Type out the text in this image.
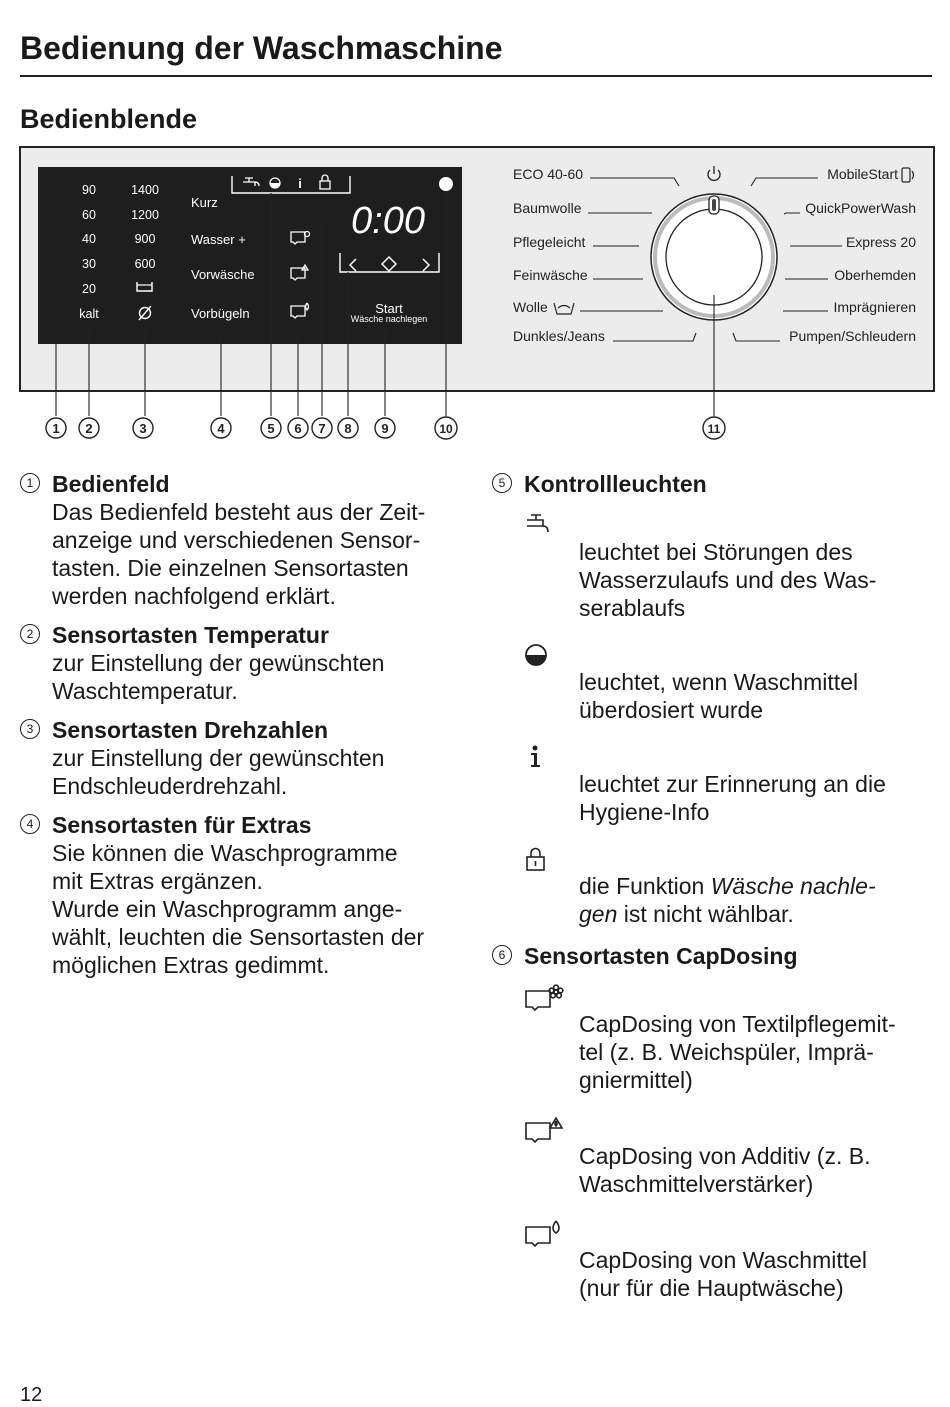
Bedienung der Waschmaschine
Bedienblende
90
60
40
30
20
kalt
1400
1200
900
600
Kurz
Wasser +
Vorwäsche
Vorbügeln
i
0:00
Start
Wäsche nachlegen
ECO 40-60
Baumwolle
Pflegeleicht
Feinwäsche
Wolle
Dunkles/Jeans
MobileStart
QuickPowerWash
Express 20
Oberhemden
Imprägnieren
Pumpen/Schleudern
1 2	3	4	5 6 7 8 9	10	11
1 Bedienfeld
Das Bedienfeld besteht aus der Zeit-
anzeige und verschiedenen Sensor-
tasten. Die einzelnen Sensortasten
werden nachfolgend erklärt.
2 Sensortasten Temperatur
zur Einstellung der gewünschten
Waschtemperatur.
3 Sensortasten Drehzahlen
zur Einstellung der gewünschten
Endschleuderdrehzahl.
4 Sensortasten für Extras
Sie können die Waschprogramme
mit Extras ergänzen.
Wurde ein Waschprogramm ange-
wählt, leuchten die Sensortasten der
möglichen Extras gedimmt.
5 Kontrollleuchten

leuchtet bei Störungen des
Wasserzulaufs und des Was-
serablaufs

leuchtet, wenn Waschmittel
überdosiert wurde

leuchtet zur Erinnerung an die
Hygiene-Info

die Funktion Wäsche nachle-
gen ist nicht wählbar.

6 Sensortasten CapDosing

CapDosing von Textilpflegemit-
tel (z. B. Weichspüler, Imprä-
gniermittel)

CapDosing von Additiv (z. B.
Waschmittelverstärker)

CapDosing von Waschmittel
(nur für die Hauptwäsche)

12
